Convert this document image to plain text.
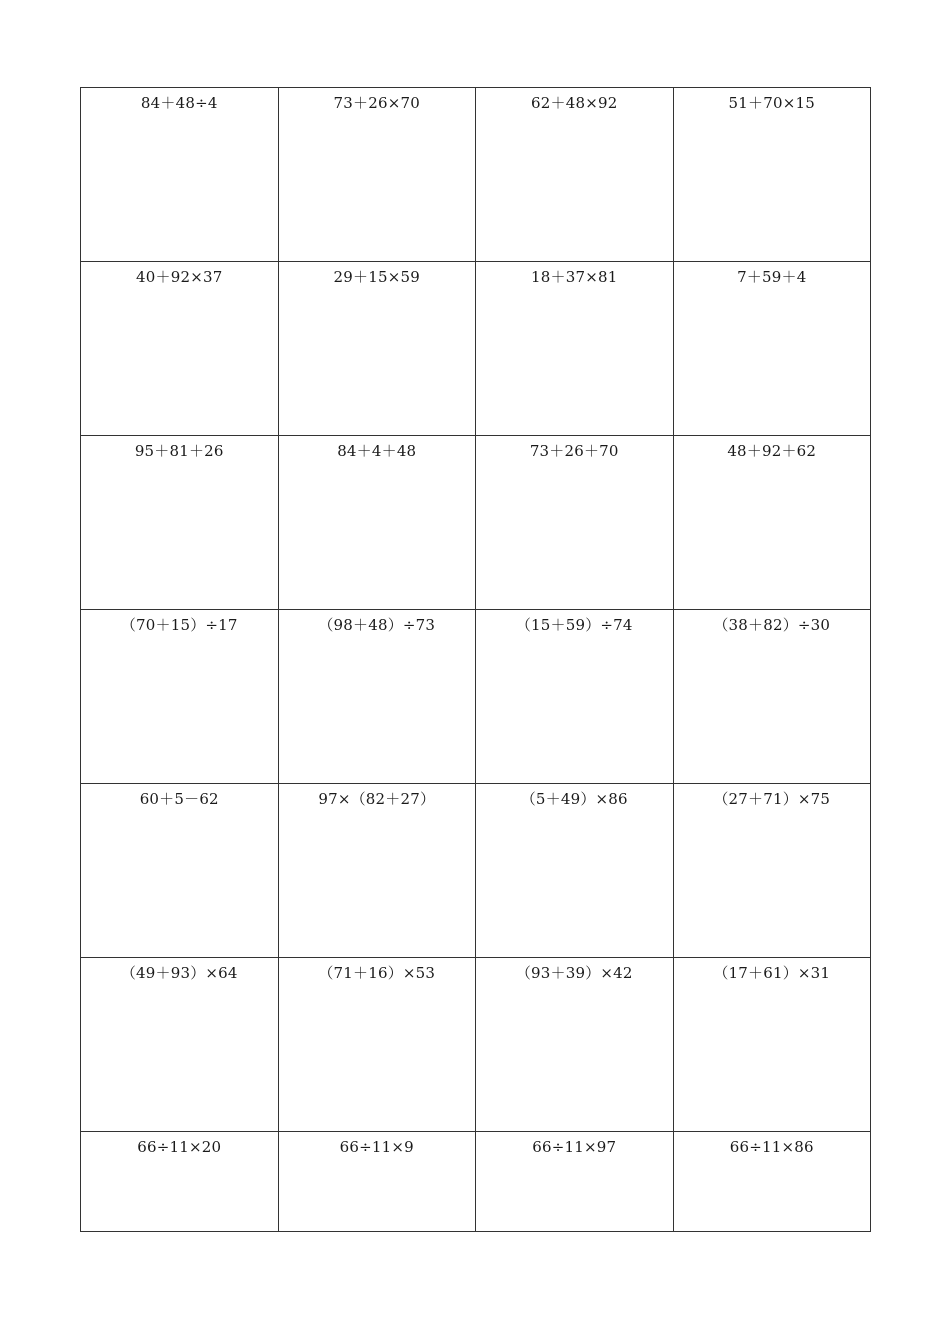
84＋48÷4	73＋26×70	62＋48×92	51＋70×15
40＋92×37	29＋15×59	18＋37×81	7＋59＋4
95＋81＋26	84＋4＋48	73＋26＋70	48＋92＋62
（70＋15）÷17	（98＋48）÷73	（15＋59）÷74	（38＋82）÷30
60＋5－62	97×（82＋27）	（5＋49）×86	（27＋71）×75
（49＋93）×64	（71＋16）×53	（93＋39）×42	（17＋61）×31
66÷11×20	66÷11×9	66÷11×97	66÷11×86
